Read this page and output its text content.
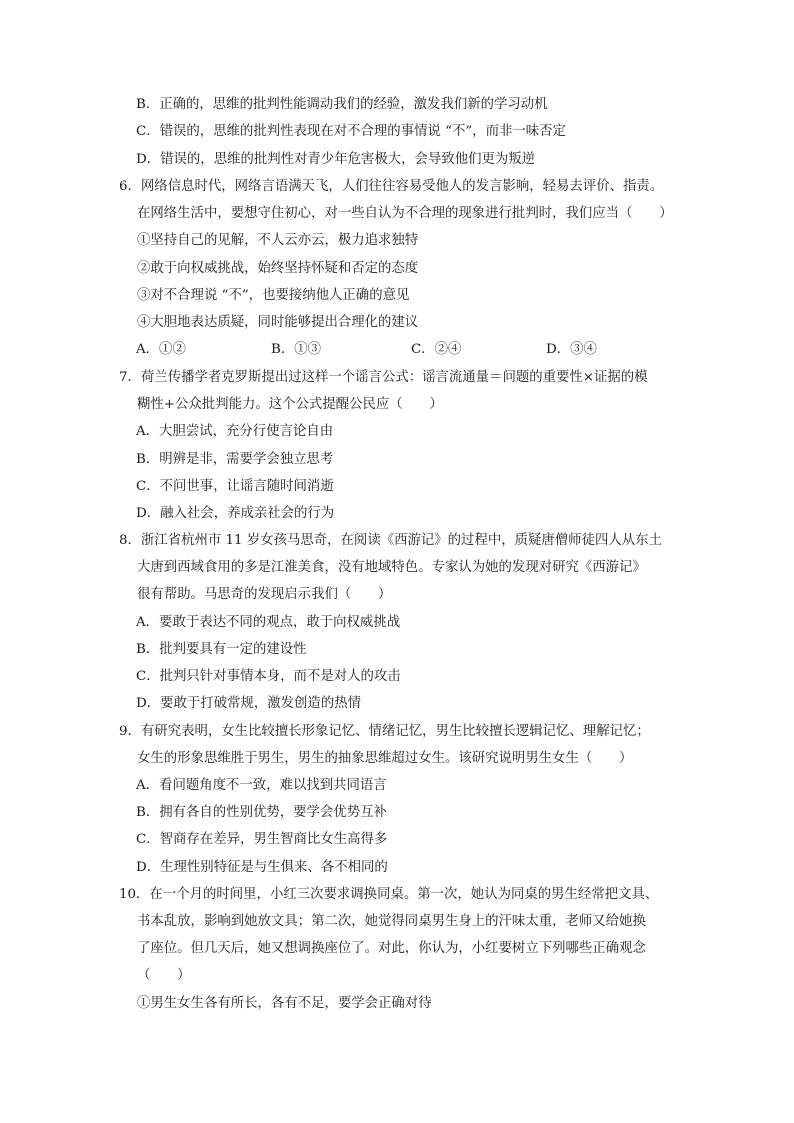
B．正确的，思维的批判性能调动我们的经验，激发我们新的学习动机
C．错误的，思维的批判性表现在对不合理的事情说 “不”，而非一味否定
D．错误的，思维的批判性对青少年危害极大，会导致他们更为叛逆
6．网络信息时代，网络言语满天飞，人们往往容易受他人的发言影响，轻易去评价、指责。
在网络生活中，要想守住初心，对一些自认为不合理的现象进行批判时，我们应当（　　）
①坚持自己的见解，不人云亦云，极力追求独特
②敢于向权威挑战，始终坚持怀疑和否定的态度
③对不合理说 “不”，也要接纳他人正确的意见
④大胆地表达质疑，同时能够提出合理化的建议
A．①②	B．①③	C．②④	D．③④
7．荷兰传播学者克罗斯提出过这样一个谣言公式：谣言流通量＝问题的重要性×证据的模
糊性+公众批判能力。这个公式提醒公民应（　　）
A．大胆尝试，充分行使言论自由
B．明辨是非，需要学会独立思考
C．不问世事，让谣言随时间消逝
D．融入社会，养成亲社会的行为
8．浙江省杭州市 11 岁女孩马思奇，在阅读《西游记》的过程中，质疑唐僧师徒四人从东土
大唐到西域食用的多是江淮美食，没有地域特色。专家认为她的发现对研究《西游记》
很有帮助。马思奇的发现启示我们（　　）
A．要敢于表达不同的观点，敢于向权威挑战
B．批判要具有一定的建设性
C．批判只针对事情本身，而不是对人的攻击
D．要敢于打破常规，激发创造的热情
9．有研究表明，女生比较擅长形象记忆、情绪记忆，男生比较擅长逻辑记忆、理解记忆；
女生的形象思维胜于男生，男生的抽象思维超过女生。该研究说明男生女生（　　）
A．看问题角度不一致，难以找到共同语言
B．拥有各自的性别优势，要学会优势互补
C．智商存在差异，男生智商比女生高得多
D．生理性别特征是与生俱来、各不相同的
10．在一个月的时间里，小红三次要求调换同桌。第一次，她认为同桌的男生经常把文具、
书本乱放，影响到她放文具；第二次，她觉得同桌男生身上的汗味太重，老师又给她换
了座位。但几天后，她又想调换座位了。对此，你认为，小红要树立下列哪些正确观念
（　　）
①男生女生各有所长，各有不足，要学会正确对待
